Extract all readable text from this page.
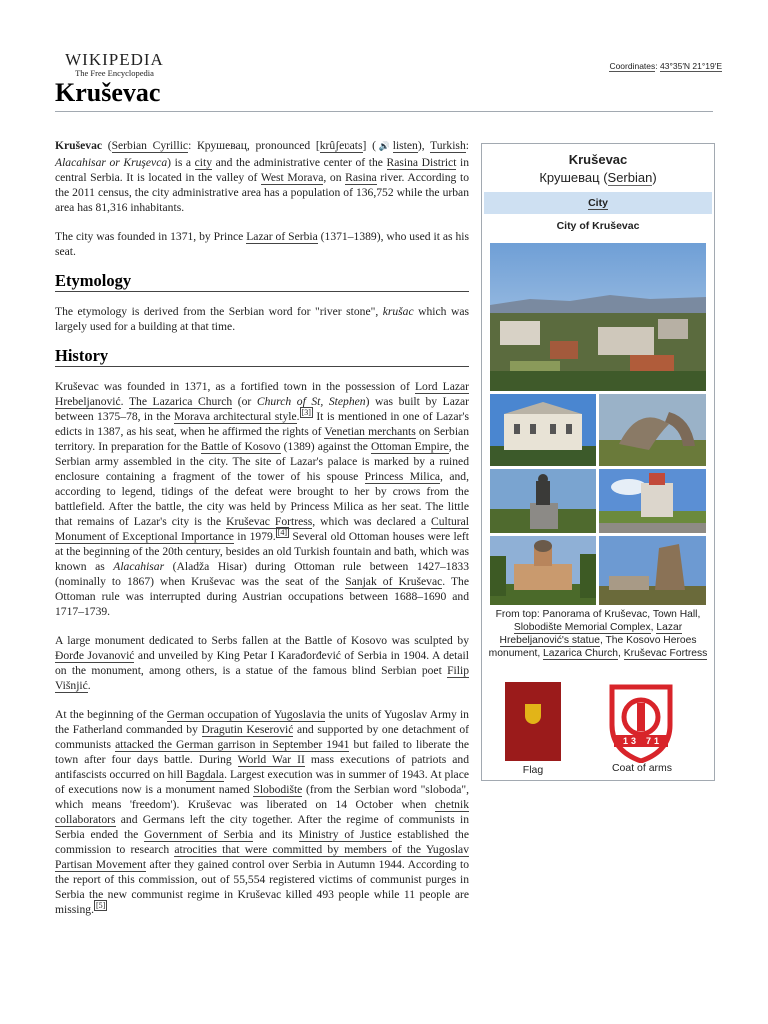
WIKIPEDIA
The Free Encyclopedia
Coordinates: 43°35′N 21°19′E
Kruševac

Kruševac (Serbian Cyrillic: Крушевац, pronounced [krûʃeʋats] (🔊listen), Turkish: Alacahisar or Kruşevca) is a city and the administrative center of the Rasina District in central Serbia. It is located in the valley of West Morava, on Rasina river. According to the 2011 census, the city administrative area has a population of 136,752 while the urban area has 81,316 inhabitants.

The city was founded in 1371, by Prince Lazar of Serbia (1371–1389), who used it as his seat.

Etymology

The etymology is derived from the Serbian word for "river stone", krušac which was largely used for a building at that time.

History

Kruševac was founded in 1371, as a fortified town in the possession of Lord Lazar Hrebeljanović. The Lazarica Church (or Church of St, Stephen) was built by Lazar between 1375–78, in the Morava architectural style. [3] It is mentioned in one of Lazar's edicts in 1387, as his seat, when he affirmed the rights of Venetian merchants on Serbian territory. In preparation for the Battle of Kosovo (1389) against the Ottoman Empire, the Serbian army assembled in the city. The site of Lazar's palace is marked by a ruined enclosure containing a fragment of the tower of his spouse Princess Milica, and, according to legend, tidings of the defeat were brought to her by crows from the battlefield. After the battle, the city was held by Princess Milica as her seat. The little that remains of Lazar's city is the Kruševac Fortress, which was declared a Cultural Monument of Exceptional Importance in 1979. [4] Several old Ottoman houses were left at the beginning of the 20th century, besides an old Turkish fountain and bath, which was known as Alacahisar (Aladža Hisar) during Ottoman rule between 1427–1833 (nominally to 1867) when Kruševac was the seat of the Sanjak of Kruševac. The Ottoman rule was interrupted during Austrian occupations between 1688–1690 and 1717–1739.

A large monument dedicated to Serbs fallen at the Battle of Kosovo was sculpted by Đorđe Jovanović and unveiled by King Petar I Karađorđević of Serbia in 1904. A detail on the monument, among others, is a statue of the famous blind Serbian poet Filip Višnjić.

At the beginning of the German occupation of Yugoslavia the units of Yugoslav Army in the Fatherland commanded by Dragutin Keserović and supported by one detachment of communists attacked the German garrison in September 1941 but failed to liberate the town after four days battle. During World War II mass executions of patriots and antifascists occurred on hill Bagdala. Largest execution was in summer of 1943. At place of executions now is a monument named Slobodište (from the Serbian word "sloboda", which means 'freedom'). Kruševac was liberated on 14 October when chetnik collaborators and Germans left the city together. After the regime of communists in Serbia ended the Government of Serbia and its Ministry of Justice established the commission to research atrocities that were committed by members of the Yugoslav Partisan Movement after they gained control over Serbia in Autumn 1944. According to the report of this commission, out of 55,554 registered victims of communist purges in Serbia the new communist regime in Kruševac killed 493 people while 11 people are missing. [5]

Kruševac
Крушевац (Serbian)
City
City of Kruševac
From top: Panorama of Kruševac, Town Hall, Slobodište Memorial Complex, Lazar Hrebeljanović's statue, The Kosovo Heroes monument, Lazarica Church, Kruševac Fortress
1 3 7 1
Flag	Coat of arms
